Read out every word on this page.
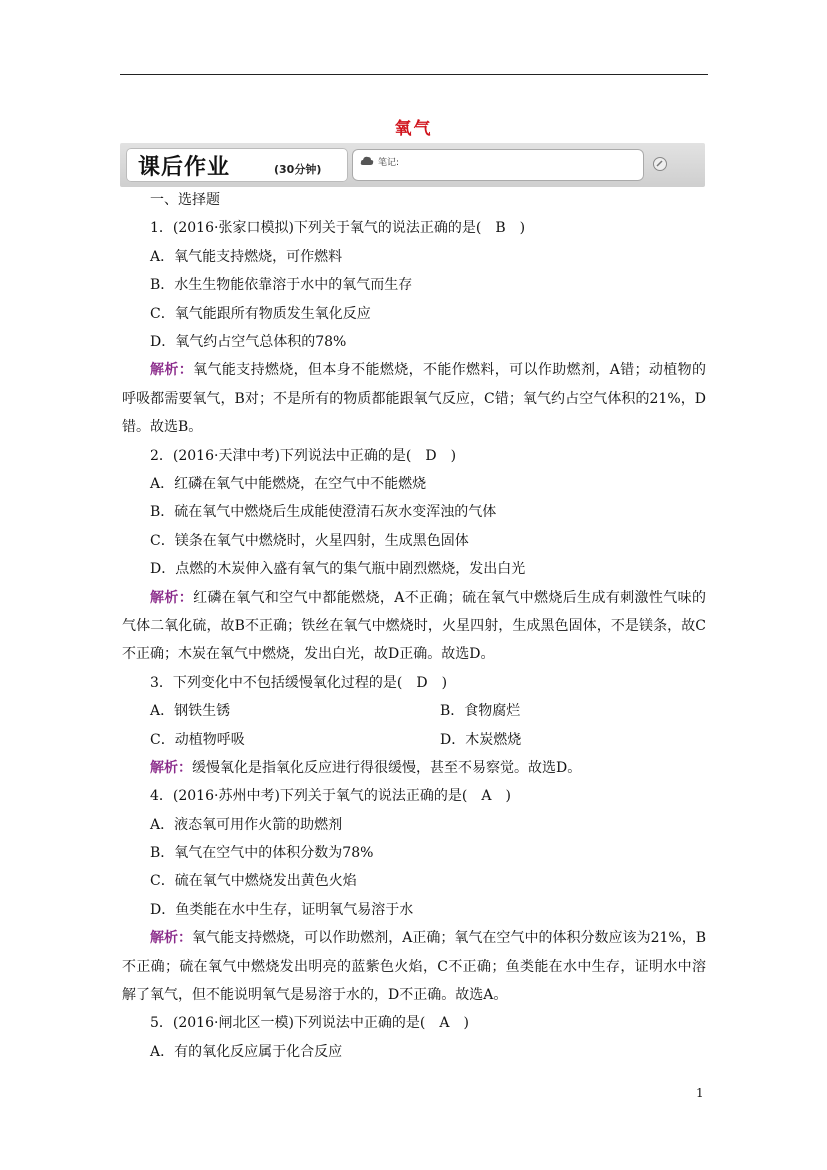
氧气
课后作业	(30分钟)	笔记:
一、选择题
1．(2016·张家口模拟)下列关于氧气的说法正确的是(　B　)
A．氧气能支持燃烧，可作燃料
B．水生生物能依靠溶于水中的氧气而生存
C．氧气能跟所有物质发生氧化反应
D．氧气约占空气总体积的78%
解析：氧气能支持燃烧，但本身不能燃烧，不能作燃料，可以作助燃剂，A错；动植物的呼吸都需要氧气，B对；不是所有的物质都能跟氧气反应，C错；氧气约占空气体积的21%，D错。故选B。
2．(2016·天津中考)下列说法中正确的是(　D　)
A．红磷在氧气中能燃烧，在空气中不能燃烧
B．硫在氧气中燃烧后生成能使澄清石灰水变浑浊的气体
C．镁条在氧气中燃烧时，火星四射，生成黑色固体
D．点燃的木炭伸入盛有氧气的集气瓶中剧烈燃烧，发出白光
解析：红磷在氧气和空气中都能燃烧，A不正确；硫在氧气中燃烧后生成有刺激性气味的气体二氧化硫，故B不正确；铁丝在氧气中燃烧时，火星四射，生成黑色固体，不是镁条，故C不正确；木炭在氧气中燃烧，发出白光，故D正确。故选D。
3．下列变化中不包括缓慢氧化过程的是(　D　)
A．钢铁生锈	B．食物腐烂
C．动植物呼吸	D．木炭燃烧
解析：缓慢氧化是指氧化反应进行得很缓慢，甚至不易察觉。故选D。
4．(2016·苏州中考)下列关于氧气的说法正确的是(　A　)
A．液态氧可用作火箭的助燃剂
B．氧气在空气中的体积分数为78%
C．硫在氧气中燃烧发出黄色火焰
D．鱼类能在水中生存，证明氧气易溶于水
解析：氧气能支持燃烧，可以作助燃剂，A正确；氧气在空气中的体积分数应该为21%，B不正确；硫在氧气中燃烧发出明亮的蓝紫色火焰，C不正确；鱼类能在水中生存，证明水中溶解了氧气，但不能说明氧气是易溶于水的，D不正确。故选A。
5．(2016·闸北区一模)下列说法中正确的是(　A　)
A．有的氧化反应属于化合反应
1
